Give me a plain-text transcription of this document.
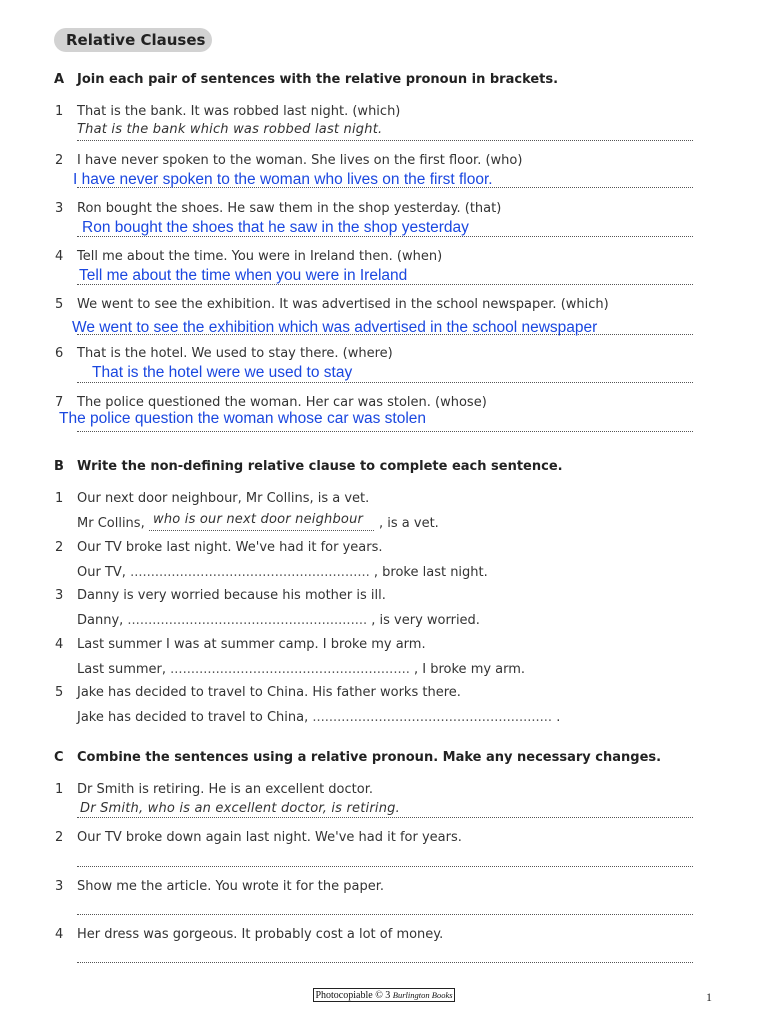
Relative Clauses
A Join each pair of sentences with the relative pronoun in brackets.
1 That is the bank. It was robbed last night. (which)
That is the bank which was robbed last night.
2 I have never spoken to the woman. She lives on the first floor. (who)
I have never spoken to the woman who lives on the first floor.
3 Ron bought the shoes. He saw them in the shop yesterday. (that)
Ron bought the shoes that he saw in the shop yesterday
4 Tell me about the time. You were in Ireland then. (when)
Tell me about the time when you were in Ireland
5 We went to see the exhibition. It was advertised in the school newspaper. (which)
We went to see the exhibition which was advertised in the school newspaper
6 That is the hotel. We used to stay there. (where)
That is the hotel were we used to stay
7 The police questioned the woman. Her car was stolen. (whose)
The police question the woman whose car was stolen
B Write the non-defining relative clause to complete each sentence.
1 Our next door neighbour, Mr Collins, is a vet.
Mr Collins, who is our next door neighbour , is a vet.
2 Our TV broke last night. We've had it for years.
Our TV, .......................................................... , broke last night.
3 Danny is very worried because his mother is ill.
Danny, .......................................................... , is very worried.
4 Last summer I was at summer camp. I broke my arm.
Last summer, .......................................................... , I broke my arm.
5 Jake has decided to travel to China. His father works there.
Jake has decided to travel to China, .......................................................... .
C Combine the sentences using a relative pronoun. Make any necessary changes.
1 Dr Smith is retiring. He is an excellent doctor.
Dr Smith, who is an excellent doctor, is retiring.
2 Our TV broke down again last night. We've had it for years.
3 Show me the article. You wrote it for the paper.
4 Her dress was gorgeous. It probably cost a lot of money.
Photocopiable © 3 Burlington Books	1
